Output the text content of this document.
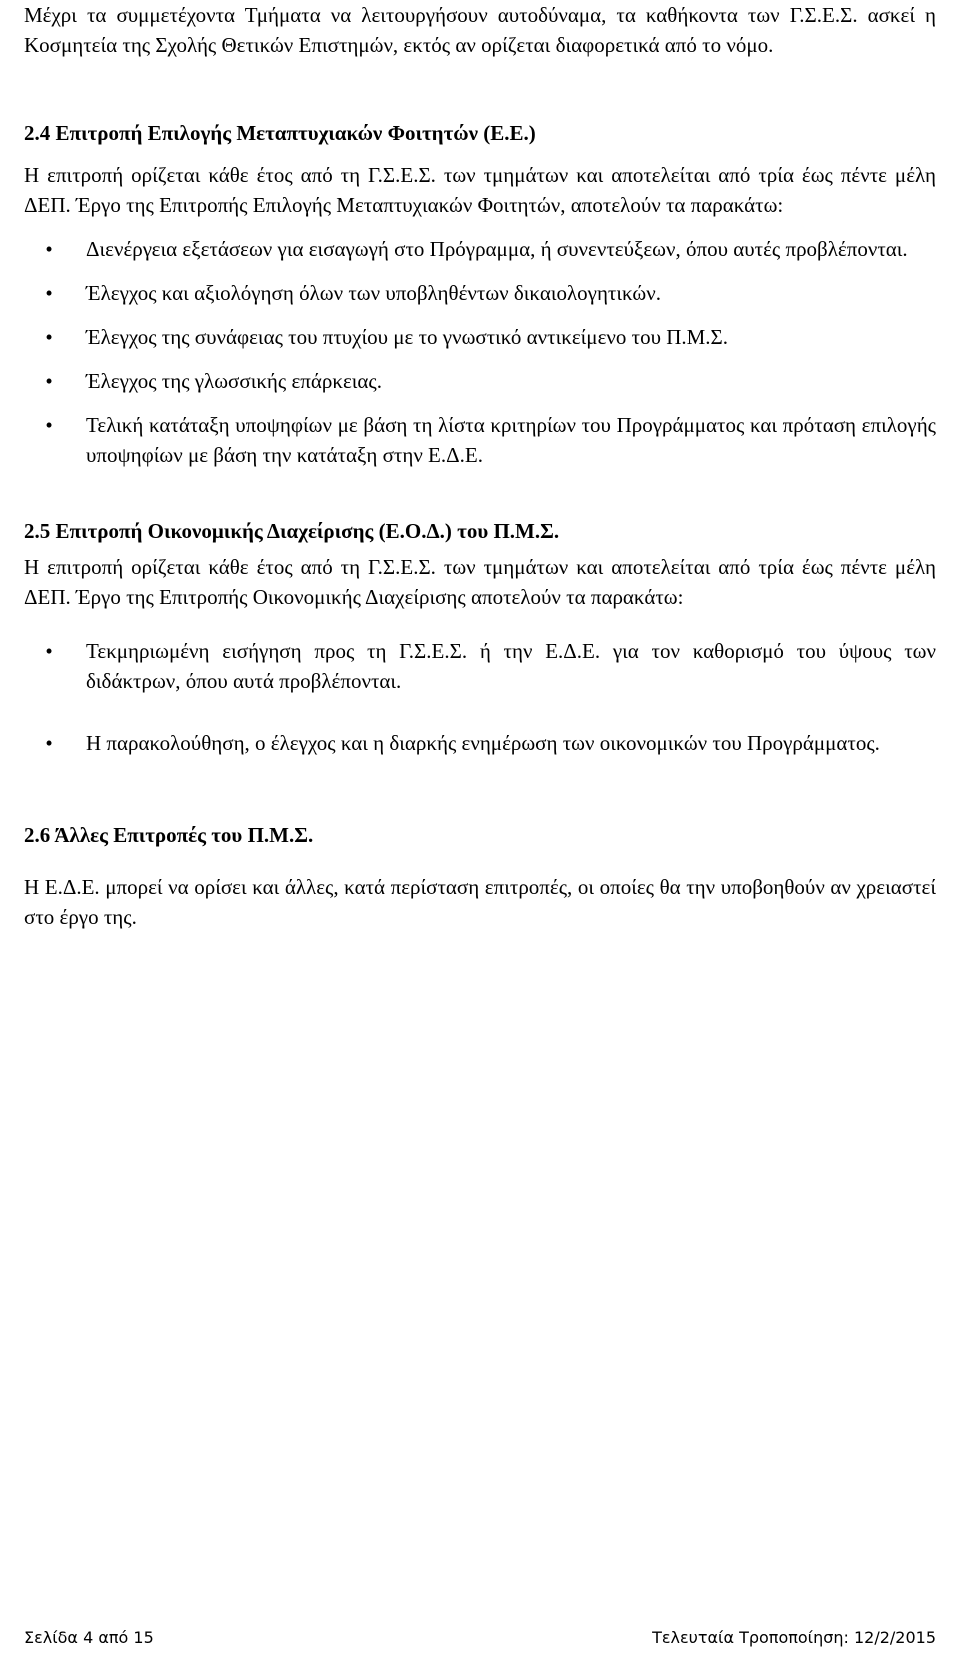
Μέχρι τα συμμετέχοντα Τμήματα να λειτουργήσουν αυτοδύναμα, τα καθήκοντα των Γ.Σ.Ε.Σ. ασκεί η Κοσμητεία της Σχολής Θετικών Επιστημών, εκτός αν ορίζεται διαφορετικά από το νόμο.

2.4 Επιτροπή Επιλογής Μεταπτυχιακών Φοιτητών (Ε.Ε.)

Η επιτροπή ορίζεται κάθε έτος από τη Γ.Σ.Ε.Σ. των τμημάτων και αποτελείται από τρία έως πέντε μέλη ΔΕΠ. Έργο της Επιτροπής Επιλογής Μεταπτυχιακών Φοιτητών, αποτελούν τα παρακάτω:

• Διενέργεια εξετάσεων για εισαγωγή στο Πρόγραμμα, ή συνεντεύξεων, όπου αυτές προβλέπονται.
• Έλεγχος και αξιολόγηση όλων των υποβληθέντων δικαιολογητικών.
• Έλεγχος της συνάφειας του πτυχίου με το γνωστικό αντικείμενο του Π.Μ.Σ.
• Έλεγχος της γλωσσικής επάρκειας.
• Τελική κατάταξη υποψηφίων με βάση τη λίστα κριτηρίων του Προγράμματος και πρόταση επιλογής υποψηφίων με βάση την κατάταξη στην Ε.Δ.Ε.

2.5 Επιτροπή Οικονομικής Διαχείρισης (Ε.Ο.Δ.) του Π.Μ.Σ.

Η επιτροπή ορίζεται κάθε έτος από τη Γ.Σ.Ε.Σ. των τμημάτων και αποτελείται από τρία έως πέντε μέλη ΔΕΠ. Έργο της Επιτροπής Οικονομικής Διαχείρισης αποτελούν τα παρακάτω:

• Τεκμηριωμένη εισήγηση προς τη Γ.Σ.Ε.Σ. ή την Ε.Δ.Ε. για τον καθορισμό του ύψους των διδάκτρων, όπου αυτά προβλέπονται.
• Η παρακολούθηση, ο έλεγχος και η διαρκής ενημέρωση των οικονομικών του Προγράμματος.

2.6 Άλλες Επιτροπές του Π.Μ.Σ.

Η Ε.Δ.Ε. μπορεί να ορίσει και άλλες, κατά περίσταση επιτροπές, οι οποίες θα την υποβοηθούν αν χρειαστεί στο έργο της.

Σελίδα 4 από 15	Τελευταία Τροποποίηση: 12/2/2015
